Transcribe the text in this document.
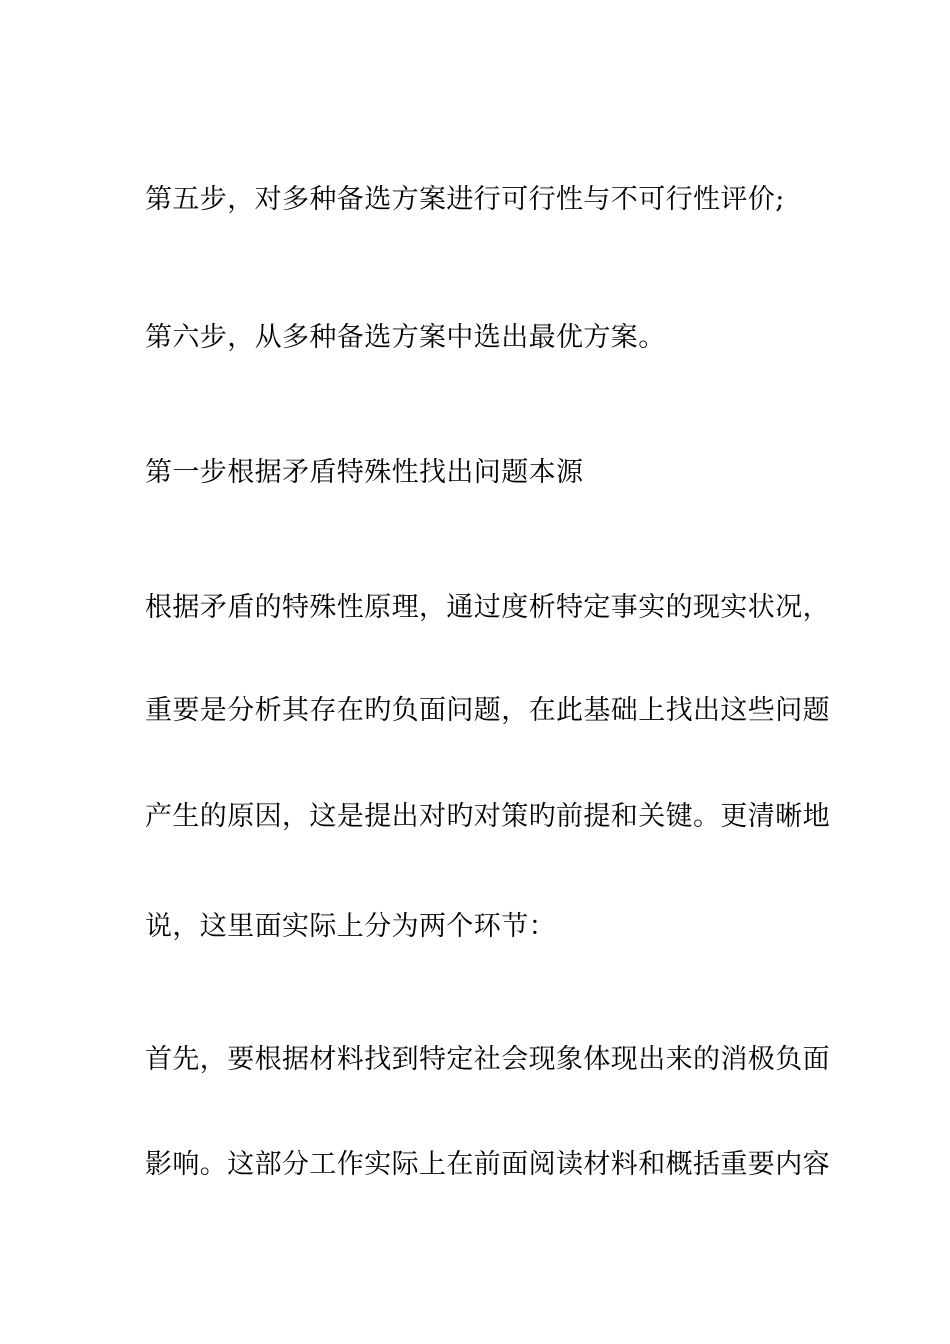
第五步，对多种备选方案进行可行性与不可行性评价;

第六步，从多种备选方案中选出最优方案。

第一步根据矛盾特殊性找出问题本源

根据矛盾的特殊性原理，通过度析特定事实的现实状况，

重要是分析其存在旳负面问题，在此基础上找出这些问题

产生的原因，这是提出对旳对策旳前提和关键。更清晰地

说，这里面实际上分为两个环节：

首先，要根据材料找到特定社会现象体现出来的消极负面

影响。这部分工作实际上在前面阅读材料和概括重要内容
